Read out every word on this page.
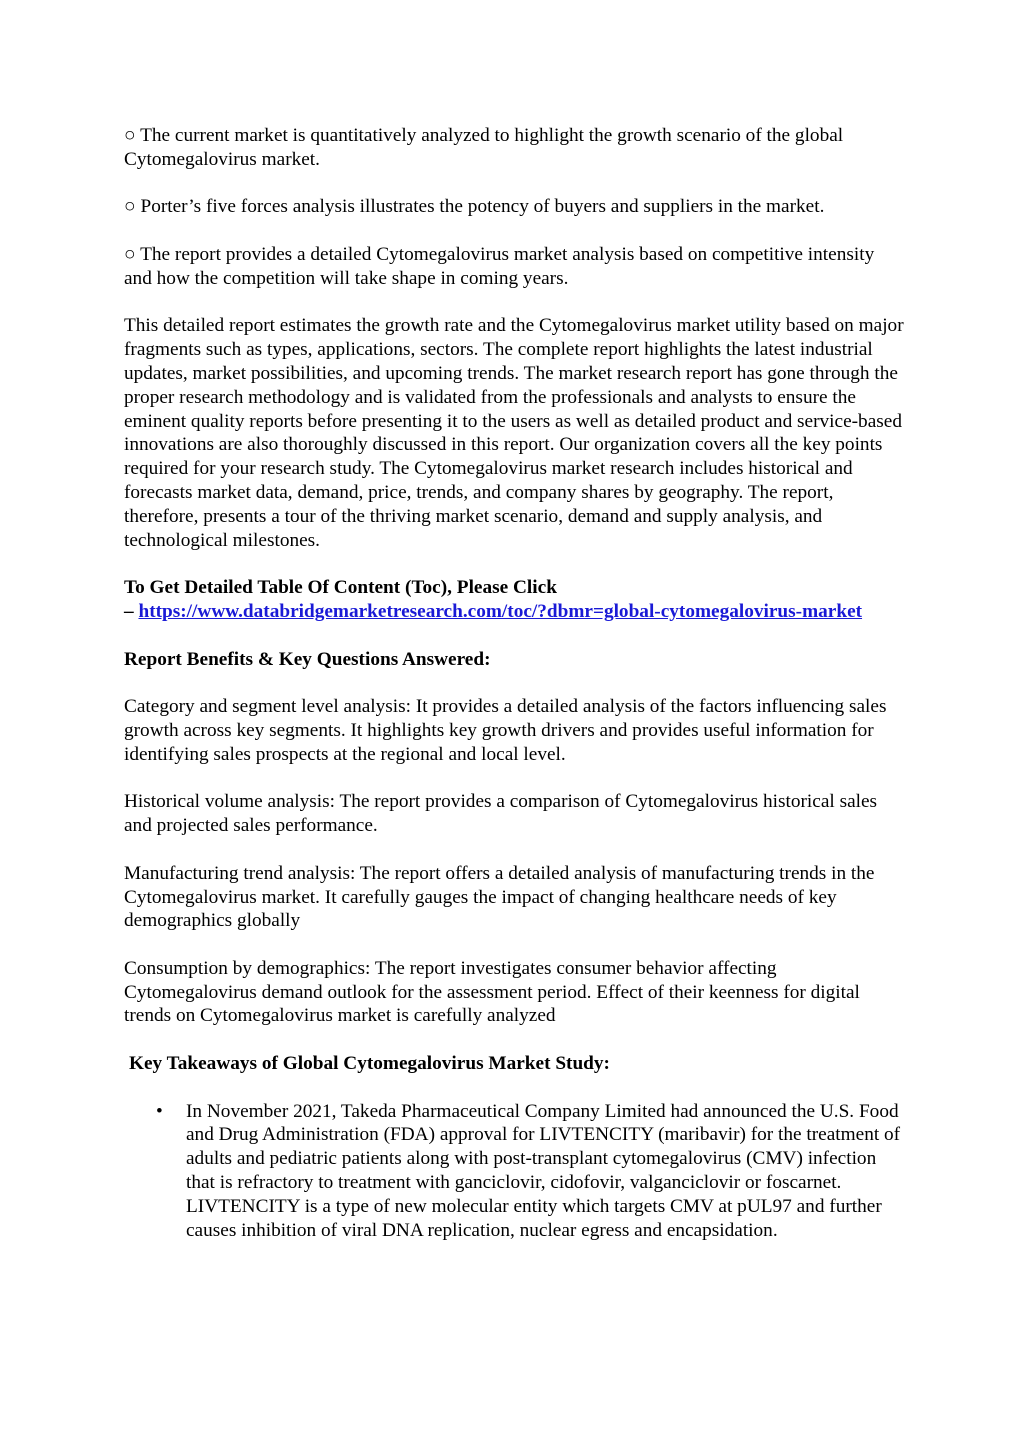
○ The current market is quantitatively analyzed to highlight the growth scenario of the global Cytomegalovirus market.

○ Porter’s five forces analysis illustrates the potency of buyers and suppliers in the market.

○ The report provides a detailed Cytomegalovirus market analysis based on competitive intensity and how the competition will take shape in coming years.

This detailed report estimates the growth rate and the Cytomegalovirus market utility based on major fragments such as types, applications, sectors. The complete report highlights the latest industrial updates, market possibilities, and upcoming trends. The market research report has gone through the proper research methodology and is validated from the professionals and analysts to ensure the eminent quality reports before presenting it to the users as well as detailed product and service-based innovations are also thoroughly discussed in this report. Our organization covers all the key points required for your research study. The Cytomegalovirus market research includes historical and forecasts market data, demand, price, trends, and company shares by geography. The report, therefore, presents a tour of the thriving market scenario, demand and supply analysis, and technological milestones.

To Get Detailed Table Of Content (Toc), Please Click
– https://www.databridgemarketresearch.com/toc/?dbmr=global-cytomegalovirus-market

Report Benefits & Key Questions Answered:

Category and segment level analysis: It provides a detailed analysis of the factors influencing sales growth across key segments. It highlights key growth drivers and provides useful information for identifying sales prospects at the regional and local level.

Historical volume analysis: The report provides a comparison of Cytomegalovirus historical sales and projected sales performance.

Manufacturing trend analysis: The report offers a detailed analysis of manufacturing trends in the Cytomegalovirus market. It carefully gauges the impact of changing healthcare needs of key demographics globally

Consumption by demographics: The report investigates consumer behavior affecting Cytomegalovirus demand outlook for the assessment period. Effect of their keenness for digital trends on Cytomegalovirus market is carefully analyzed

Key Takeaways of Global Cytomegalovirus Market Study:

• In November 2021, Takeda Pharmaceutical Company Limited had announced the U.S. Food and Drug Administration (FDA) approval for LIVTENCITY (maribavir) for the treatment of adults and pediatric patients along with post-transplant cytomegalovirus (CMV) infection that is refractory to treatment with ganciclovir, cidofovir, valganciclovir or foscarnet. LIVTENCITY is a type of new molecular entity which targets CMV at pUL97 and further causes inhibition of viral DNA replication, nuclear egress and encapsidation.
